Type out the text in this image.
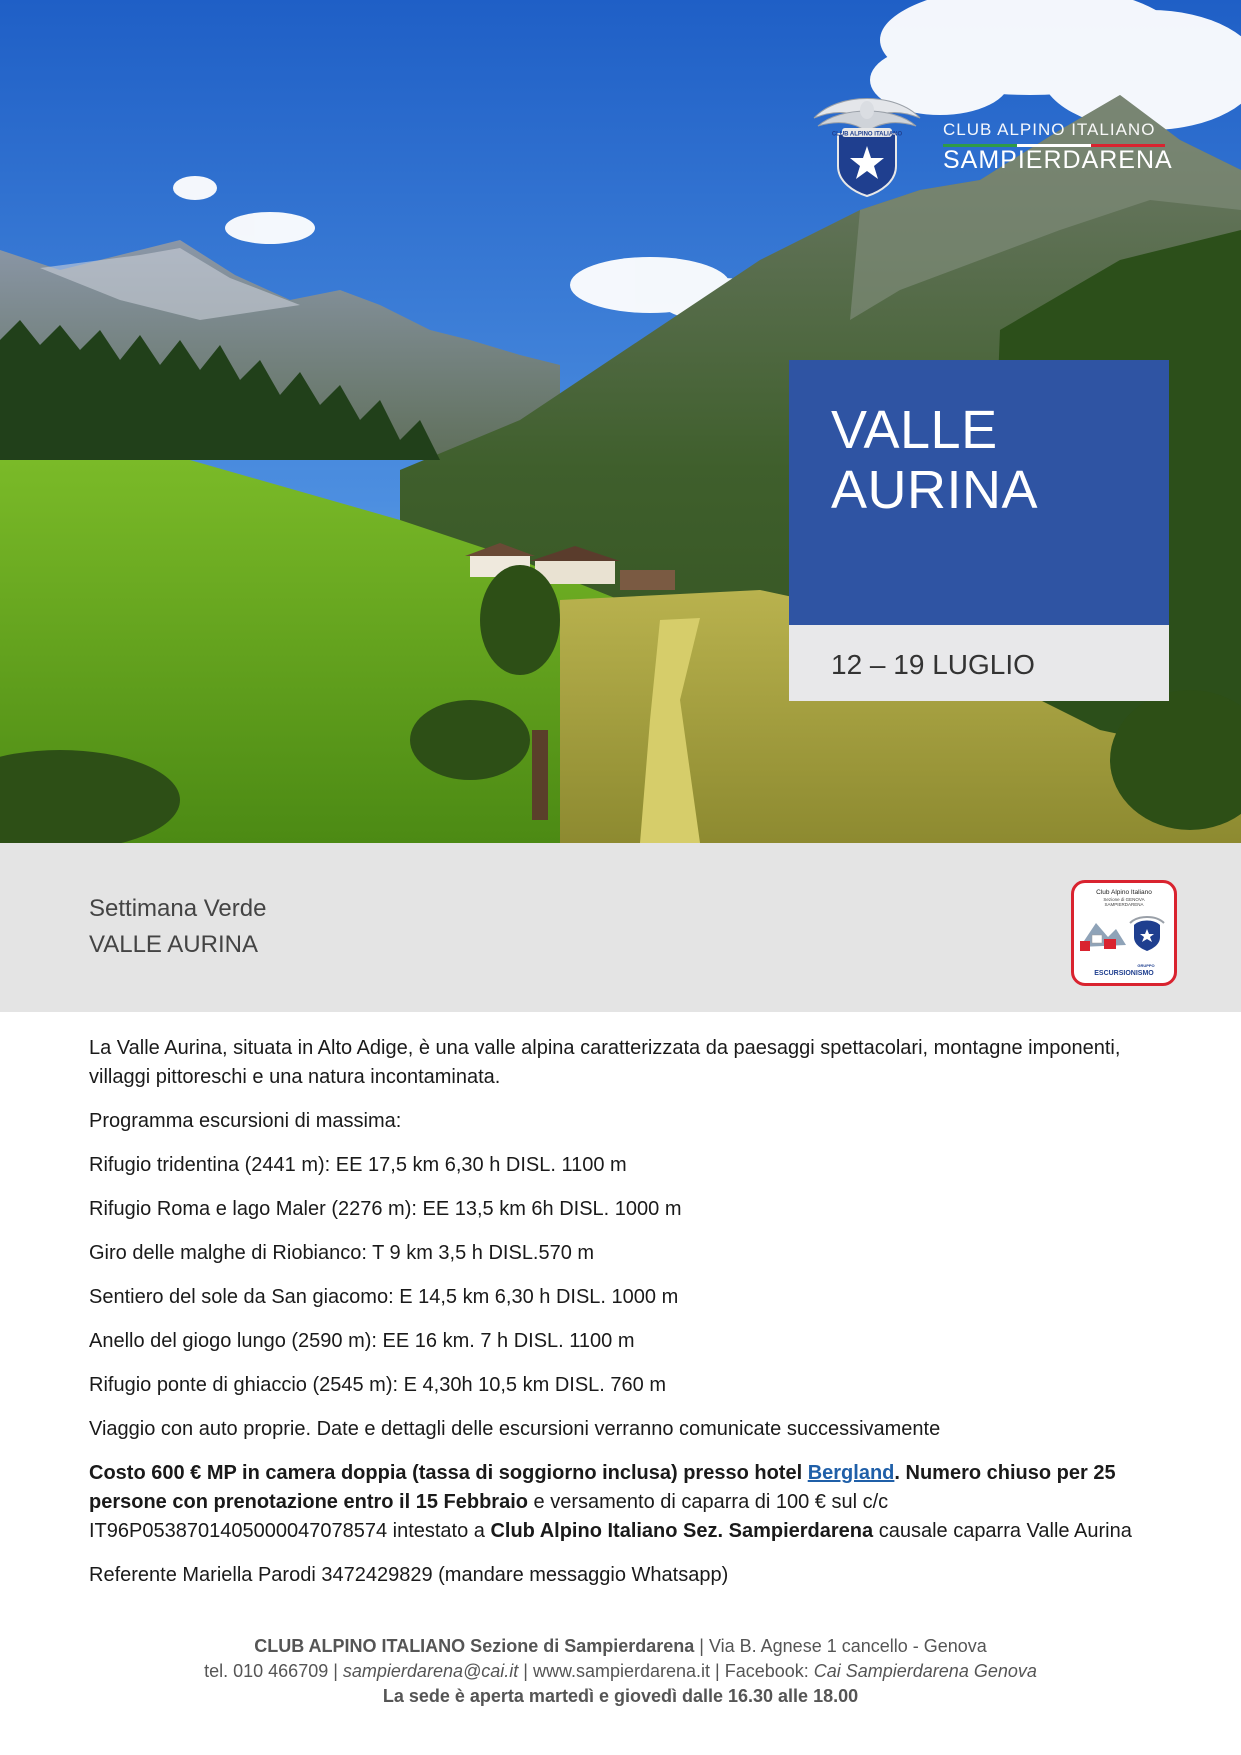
CLUB ALPINO ITALIANO CLUB ALPINO ITALIANO
SAMPIERDARENA
VALLE
AURINA
12 – 19 LUGLIO
Settimana Verde
VALLE AURINA
Club Alpino Italiano
Sezione di GENOVA
SAMPIERDARENA
GRUPPO
ESCURSIONISMO

La Valle Aurina, situata in Alto Adige, è una valle alpina caratterizzata da paesaggi spettacolari, montagne imponenti, villaggi pittoreschi e una natura incontaminata.

Programma escursioni di massima:

Rifugio tridentina (2441 m): EE 17,5 km 6,30 h DISL. 1100 m

Rifugio Roma e lago Maler (2276 m): EE 13,5 km 6h DISL. 1000 m

Giro delle malghe di Riobianco: T 9 km 3,5 h DISL.570 m

Sentiero del sole da San giacomo: E 14,5 km 6,30 h DISL. 1000 m

Anello del giogo lungo (2590 m): EE 16 km. 7 h DISL. 1100 m

Rifugio ponte di ghiaccio (2545 m): E 4,30h 10,5 km DISL. 760 m

Viaggio con auto proprie. Date e dettagli delle escursioni verranno comunicate successivamente

Costo 600 € MP in camera doppia (tassa di soggiorno inclusa) presso hotel Bergland. Numero chiuso per 25 persone con prenotazione entro il 15 Febbraio e versamento di caparra di 100 € sul c/c IT96P0538701405000047078574 intestato a Club Alpino Italiano Sez. Sampierdarena causale caparra Valle Aurina

Referente Mariella Parodi 3472429829 (mandare messaggio Whatsapp)

CLUB ALPINO ITALIANO Sezione di Sampierdarena | Via B. Agnese 1 cancello - Genova
tel. 010 466709 | sampierdarena@cai.it | www.sampierdarena.it | Facebook: Cai Sampierdarena Genova
La sede è aperta martedì e giovedì dalle 16.30 alle 18.00
